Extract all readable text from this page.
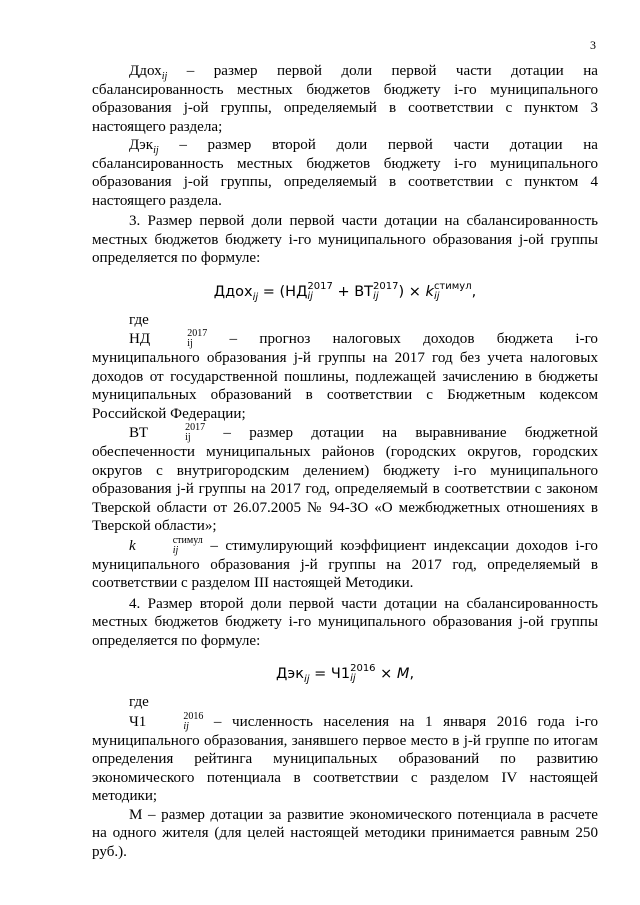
3

Ддох$_{ij}$ – размер первой доли первой части дотации на сбалансированность местных бюджетов бюджету i-го муниципального образования j-ой группы, определяемый в соответствии с пунктом 3 настоящего раздела;

Дэк$_{ij}$ – размер второй доли первой части дотации на сбалансированность местных бюджетов бюджету i-го муниципального образования j-ой группы, определяемый в соответствии с пунктом 4 настоящего раздела.

3. Размер первой доли первой части дотации на сбалансированность местных бюджетов бюджету i-го муниципального образования j-ой группы определяется по формуле:

Ддох$_{ij}$ = (НД 2017
ij	+ ВТ 2017
ij	) × k стимул
ij	,

где

НД	2017
ij	– прогноз налоговых доходов бюджета i-го муниципального образования j-й группы на 2017 год без учета налоговых доходов от государственной пошлины, подлежащей зачислению в бюджеты муниципальных образований в соответствии с Бюджетным кодексом Российской Федерации;

ВТ	2017
ij	– размер дотации на выравнивание бюджетной обеспеченности муниципальных районов (городских округов, городских округов с внутригородским делением) бюджету i-го муниципального образования j-й группы на 2017 год, определяемый в соответствии с законом Тверской области от 26.07.2005 № 94-ЗО «О межбюджетных отношениях в Тверской области»;

k	стимул
ij	– стимулирующий коэффициент индексации доходов i-го муниципального образования j-й группы на 2017 год, определяемый в соответствии с разделом III настоящей Методики.

4. Размер второй доли первой части дотации на сбалансированность местных бюджетов бюджету i-го муниципального образования j-ой группы определяется по формуле:

Дэк$_{ij}$ = Ч1 2016
ij	× M,

где

Ч1	2016
ij	– численность населения на 1 января 2016 года i-го муниципального образования, занявшего первое место в j-й группе по итогам определения рейтинга муниципальных образований по развитию экономического потенциала в соответствии с разделом IV настоящей методики;

М – размер дотации за развитие экономического потенциала в расчете на одного жителя (для целей настоящей методики принимается равным 250 руб.).
